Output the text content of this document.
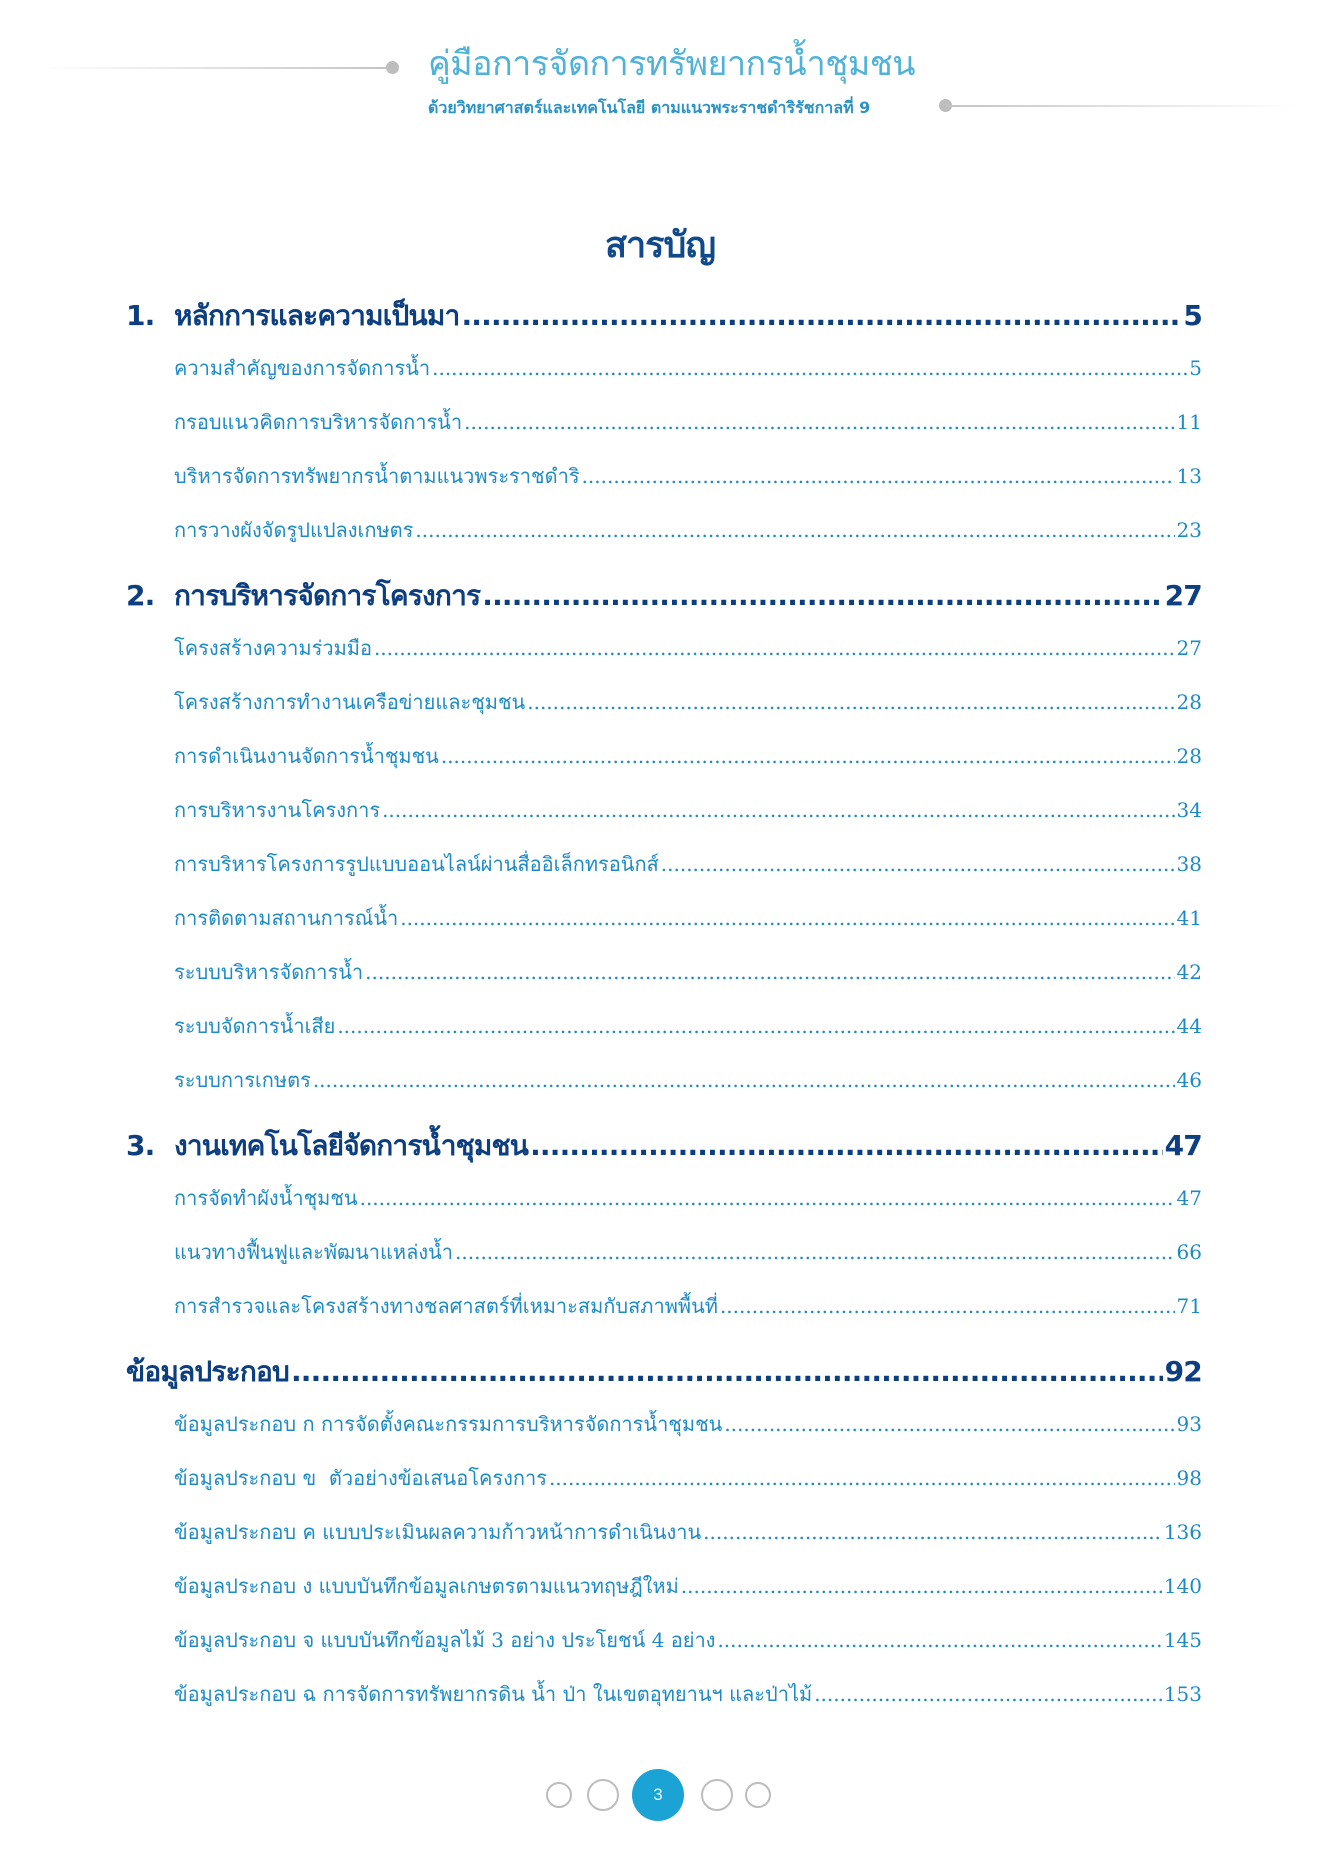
คู่มือการจัดการทรัพยากรน้ำชุมชน

ด้วยวิทยาศาสตร์และเทคโนโลยี ตามแนวพระราชดำริรัชกาลที่ 9

สารบัญ
1. หลักการและความเป็นมา .....	5
ความสำคัญของการจัดการน้ำ .....	5
กรอบแนวคิดการบริหารจัดการน้ำ .....	11
บริหารจัดการทรัพยากรน้ำตามแนวพระราชดำริ .....	13
การวางผังจัดรูปแปลงเกษตร .....	23
2. การบริหารจัดการโครงการ .....	27
โครงสร้างความร่วมมือ .....	27
โครงสร้างการทำงานเครือข่ายและชุมชน .....	28
การดำเนินงานจัดการน้ำชุมชน .....	28
การบริหารงานโครงการ .....	34
การบริหารโครงการรูปแบบออนไลน์ผ่านสื่ออิเล็กทรอนิกส์ .....	38
การติดตามสถานการณ์น้ำ .....	41
ระบบบริหารจัดการน้ำ .....	42
ระบบจัดการน้ำเสีย .....	44
ระบบการเกษตร .....	46
3. งานเทคโนโลยีจัดการน้ำชุมชน .....	47
การจัดทำผังน้ำชุมชน .....	47
แนวทางฟื้นฟูและพัฒนาแหล่งน้ำ .....	66
การสำรวจและโครงสร้างทางชลศาสตร์ที่เหมาะสมกับสภาพพื้นที่ .....	71
ข้อมูลประกอบ .....	92
ข้อมูลประกอบ ก การจัดตั้งคณะกรรมการบริหารจัดการน้ำชุมชน .....	93
ข้อมูลประกอบ ข  ตัวอย่างข้อเสนอโครงการ .....	98
ข้อมูลประกอบ ค แบบประเมินผลความก้าวหน้าการดำเนินงาน .....	136
ข้อมูลประกอบ ง แบบบันทึกข้อมูลเกษตรตามแนวทฤษฎีใหม่ .....	140
ข้อมูลประกอบ จ แบบบันทึกข้อมูลไม้ 3 อย่าง ประโยชน์ 4 อย่าง .....	145
ข้อมูลประกอบ ฉ การจัดการทรัพยากรดิน น้ำ ป่า ในเขตอุทยานฯ และป่าไม้ .....	153
3
